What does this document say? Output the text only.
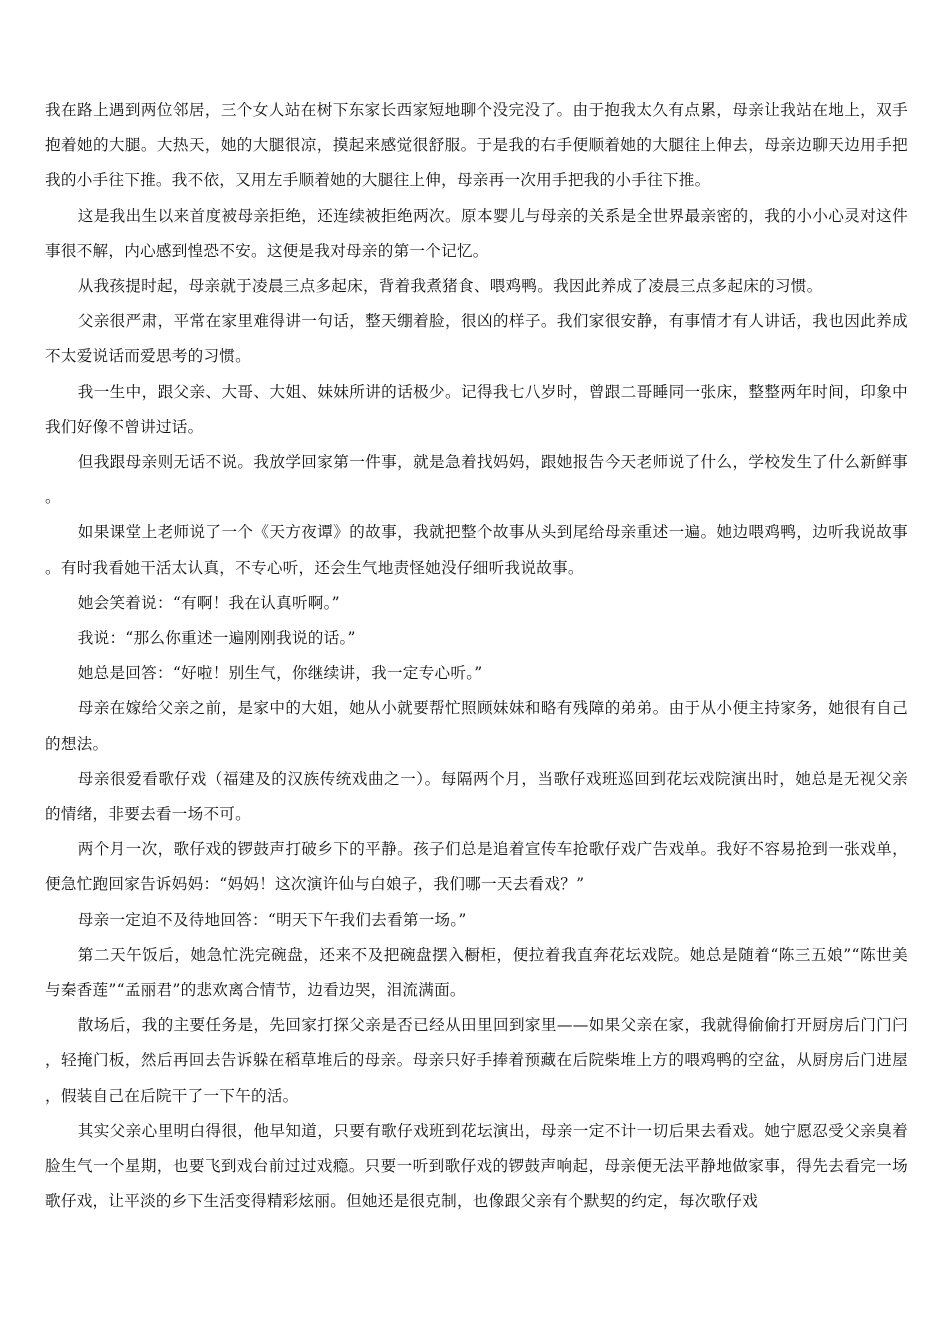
我在路上遇到两位邻居，三个女人站在树下东家长西家短地聊个没完没了。由于抱我太久有点累，母亲让我站在地上，双手抱着她的大腿。大热天，她的大腿很凉，摸起来感觉很舒服。于是我的右手便顺着她的大腿往上伸去，母亲边聊天边用手把我的小手往下推。我不依，又用左手顺着她的大腿往上伸，母亲再一次用手把我的小手往下推。

这是我出生以来首度被母亲拒绝，还连续被拒绝两次。原本婴儿与母亲的关系是全世界最亲密的，我的小小心灵对这件事很不解，内心感到惶恐不安。这便是我对母亲的第一个记忆。

从我孩提时起，母亲就于凌晨三点多起床，背着我煮猪食、喂鸡鸭。我因此养成了凌晨三点多起床的习惯。

父亲很严肃，平常在家里难得讲一句话，整天绷着脸，很凶的样子。我们家很安静，有事情才有人讲话，我也因此养成不太爱说话而爱思考的习惯。

我一生中，跟父亲、大哥、大姐、妹妹所讲的话极少。记得我七八岁时，曾跟二哥睡同一张床，整整两年时间，印象中我们好像不曾讲过话。

但我跟母亲则无话不说。我放学回家第一件事，就是急着找妈妈，跟她报告今天老师说了什么，学校发生了什么新鲜事。

如果课堂上老师说了一个《天方夜谭》的故事，我就把整个故事从头到尾给母亲重述一遍。她边喂鸡鸭，边听我说故事。有时我看她干活太认真，不专心听，还会生气地责怪她没仔细听我说故事。

她会笑着说：“有啊！我在认真听啊。”

我说：“那么你重述一遍刚刚我说的话。”

她总是回答：“好啦！别生气，你继续讲，我一定专心听。”

母亲在嫁给父亲之前，是家中的大姐，她从小就要帮忙照顾妹妹和略有残障的弟弟。由于从小便主持家务，她很有自己的想法。

母亲很爱看歌仔戏（福建及的汉族传统戏曲之一）。每隔两个月，当歌仔戏班巡回到花坛戏院演出时，她总是无视父亲的情绪，非要去看一场不可。

两个月一次，歌仔戏的锣鼓声打破乡下的平静。孩子们总是追着宣传车抢歌仔戏广告戏单。我好不容易抢到一张戏单，便急忙跑回家告诉妈妈：“妈妈！这次演许仙与白娘子，我们哪一天去看戏？”

母亲一定迫不及待地回答：“明天下午我们去看第一场。”

第二天午饭后，她急忙洗完碗盘，还来不及把碗盘摆入橱柜，便拉着我直奔花坛戏院。她总是随着“陈三五娘”“陈世美与秦香莲”“孟丽君”的悲欢离合情节，边看边哭，泪流满面。

散场后，我的主要任务是，先回家打探父亲是否已经从田里回到家里——如果父亲在家，我就得偷偷打开厨房后门门闩，轻掩门板，然后再回去告诉躲在稻草堆后的母亲。母亲只好手捧着预藏在后院柴堆上方的喂鸡鸭的空盆，从厨房后门进屋，假装自己在后院干了一下午的活。

其实父亲心里明白得很，他早知道，只要有歌仔戏班到花坛演出，母亲一定不计一切后果去看戏。她宁愿忍受父亲臭着脸生气一个星期，也要飞到戏台前过过戏瘾。只要一听到歌仔戏的锣鼓声响起，母亲便无法平静地做家事，得先去看完一场歌仔戏，让平淡的乡下生活变得精彩炫丽。但她还是很克制，也像跟父亲有个默契的约定，每次歌仔戏
